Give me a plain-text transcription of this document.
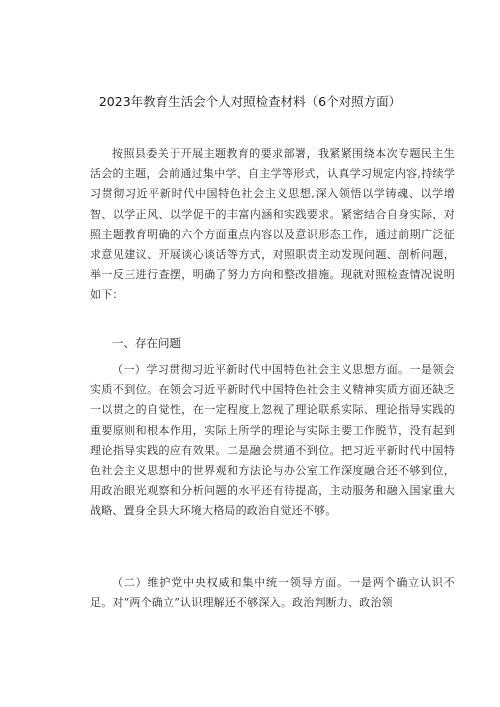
2023年教育生活会个人对照检查材料（6个对照方面）

按照县委关于开展主题教育的要求部署，我紧紧围绕本次专题民主生活会的主题，会前通过集中学、自主学等形式，认真学习规定内容,持续学习贯彻习近平新时代中国特色社会主义思想,深入领悟以学铸魂、以学增智、以学正风、以学促干的丰富内涵和实践要求。紧密结合自身实际，对照主题教育明确的六个方面重点内容以及意识形态工作，通过前期广泛征求意见建议、开展谈心谈话等方式，对照职责主动发现问题、剖析问题，举一反三进行查摆，明确了努力方向和整改措施。现就对照检查情况说明如下：

一、存在问题

（一）学习贯彻习近平新时代中国特色社会主义思想方面。一是领会实质不到位。在领会习近平新时代中国特色社会主义精神实质方面还缺乏一以贯之的自觉性，在一定程度上忽视了理论联系实际、理论指导实践的重要原则和根本作用，实际上所学的理论与实际主要工作脱节，没有起到理论指导实践的应有效果。二是融会贯通不到位。把习近平新时代中国特色社会主义思想中的世界观和方法论与办公室工作深度融合还不够到位，用政治眼光观察和分析问题的水平还有待提高，主动服务和融入国家重大战略、置身全县大环境大格局的政治自觉还不够。

（二）维护党中央权威和集中统一领导方面。一是两个确立认识不足。对“两个确立”认识理解还不够深入。政治判断力、政治领
